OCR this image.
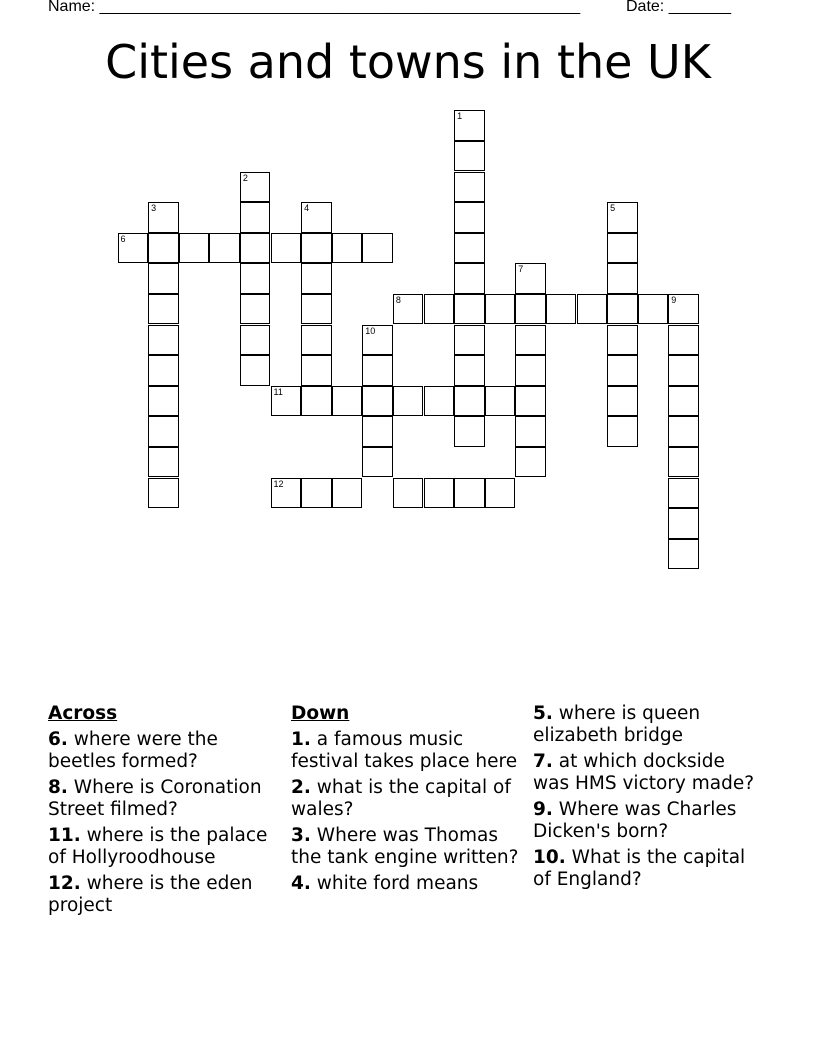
Name: ______________________________________________________	Date: _______
Cities and towns in the UK
1
2
3	4	5
6
7
8	9
10
11
12
Across
6. where were the beetles formed?
8. Where is Coronation Street filmed?
11. where is the palace of Hollyroodhouse
12. where is the eden project
Down
1. a famous music festival takes place here
2. what is the capital of wales?
3. Where was Thomas the tank engine written?
4. white ford means
5. where is queen elizabeth bridge
7. at which dockside was HMS victory made?
9. Where was Charles Dicken's born?
10. What is the capital of England?
